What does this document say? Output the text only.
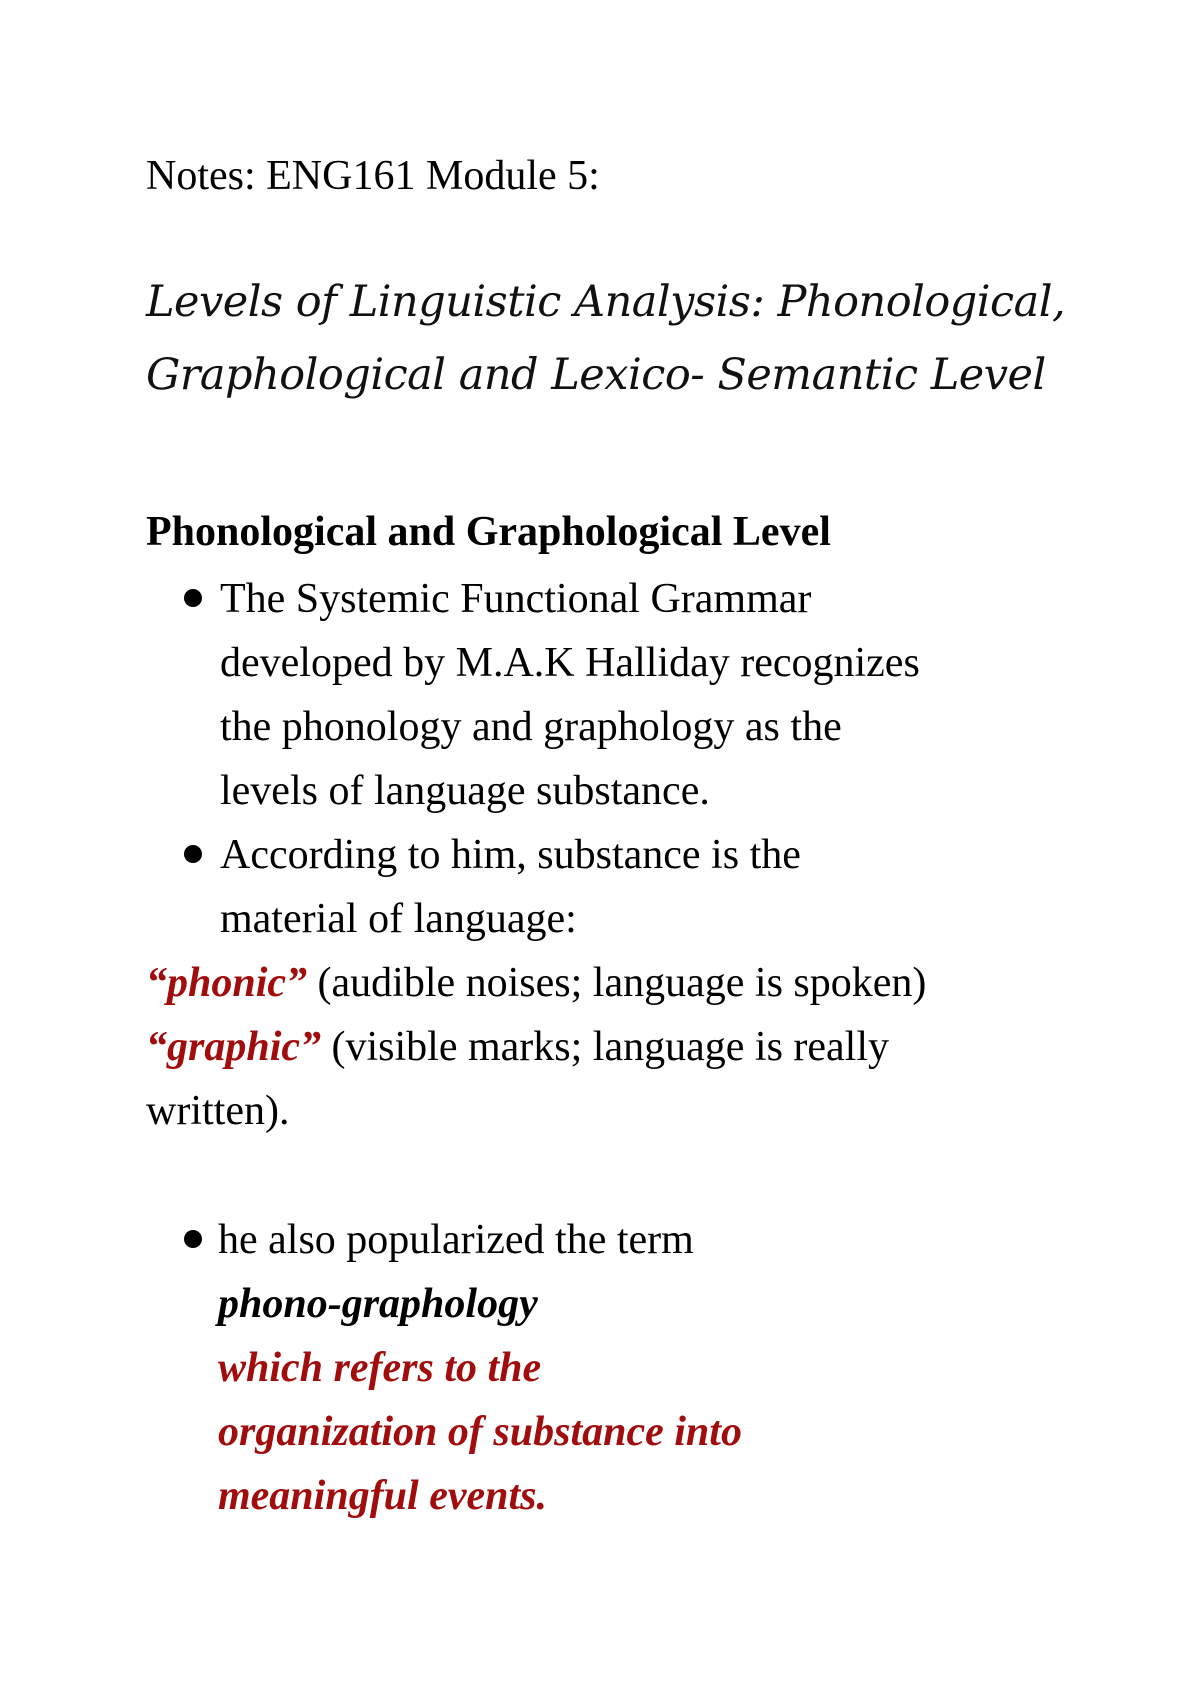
Notes: ENG161 Module 5:
Levels of Linguistic Analysis: Phonological,
Graphological and Lexico- Semantic Level
Phonological and Graphological Level
The Systemic Functional Grammar
developed by M.A.K Halliday recognizes
the phonology and graphology as the
levels of language substance.
According to him, substance is the
material of language:
“phonic” (audible noises; language is spoken)
“graphic” (visible marks; language is really
written).
he also popularized the term
phono-graphology
which refers to the
organization of substance into
meaningful events.
